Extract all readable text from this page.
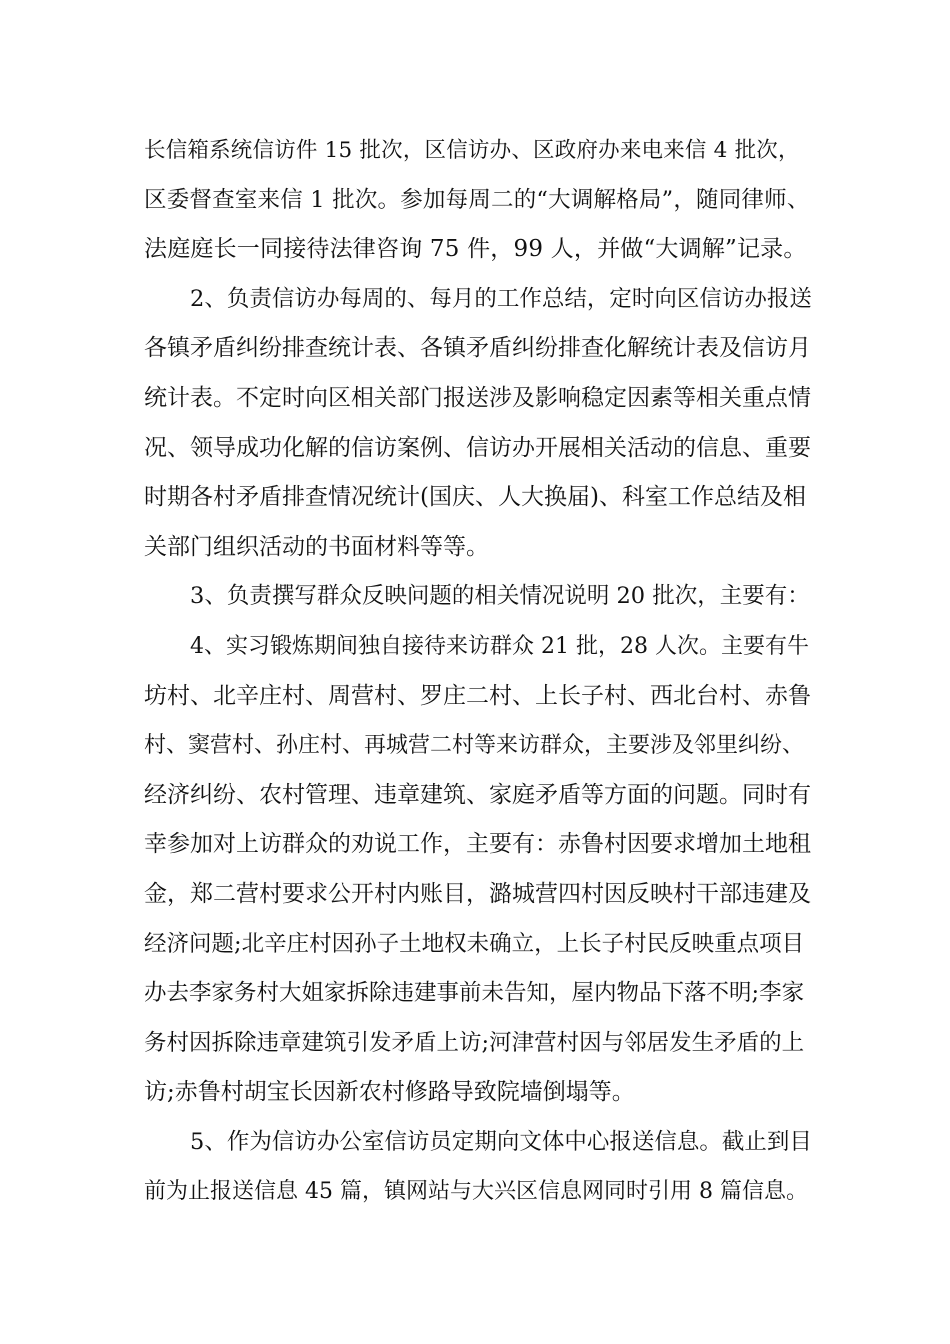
长信箱系统信访件 15 批次，区信访办、区政府办来电来信 4 批次，
区委督查室来信 1 批次。参加每周二的“大调解格局”，随同律师、
法庭庭长一同接待法律咨询 75 件，99 人，并做“大调解”记录。
2、负责信访办每周的、每月的工作总结，定时向区信访办报送
各镇矛盾纠纷排查统计表、各镇矛盾纠纷排查化解统计表及信访月
统计表。不定时向区相关部门报送涉及影响稳定因素等相关重点情
况、领导成功化解的信访案例、信访办开展相关活动的信息、重要
时期各村矛盾排查情况统计(国庆、人大换届)、科室工作总结及相
关部门组织活动的书面材料等等。
3、负责撰写群众反映问题的相关情况说明 20 批次，主要有：
4、实习锻炼期间独自接待来访群众 21 批，28 人次。主要有牛
坊村、北辛庄村、周营村、罗庄二村、上长子村、西北台村、赤鲁
村、窦营村、孙庄村、再城营二村等来访群众，主要涉及邻里纠纷、
经济纠纷、农村管理、违章建筑、家庭矛盾等方面的问题。同时有
幸参加对上访群众的劝说工作，主要有：赤鲁村因要求增加土地租
金，郑二营村要求公开村内账目，潞城营四村因反映村干部违建及
经济问题;北辛庄村因孙子土地权未确立，上长子村民反映重点项目
办去李家务村大姐家拆除违建事前未告知，屋内物品下落不明;李家
务村因拆除违章建筑引发矛盾上访;河津营村因与邻居发生矛盾的上
访;赤鲁村胡宝长因新农村修路导致院墙倒塌等。
5、作为信访办公室信访员定期向文体中心报送信息。截止到目
前为止报送信息 45 篇，镇网站与大兴区信息网同时引用 8 篇信息。
